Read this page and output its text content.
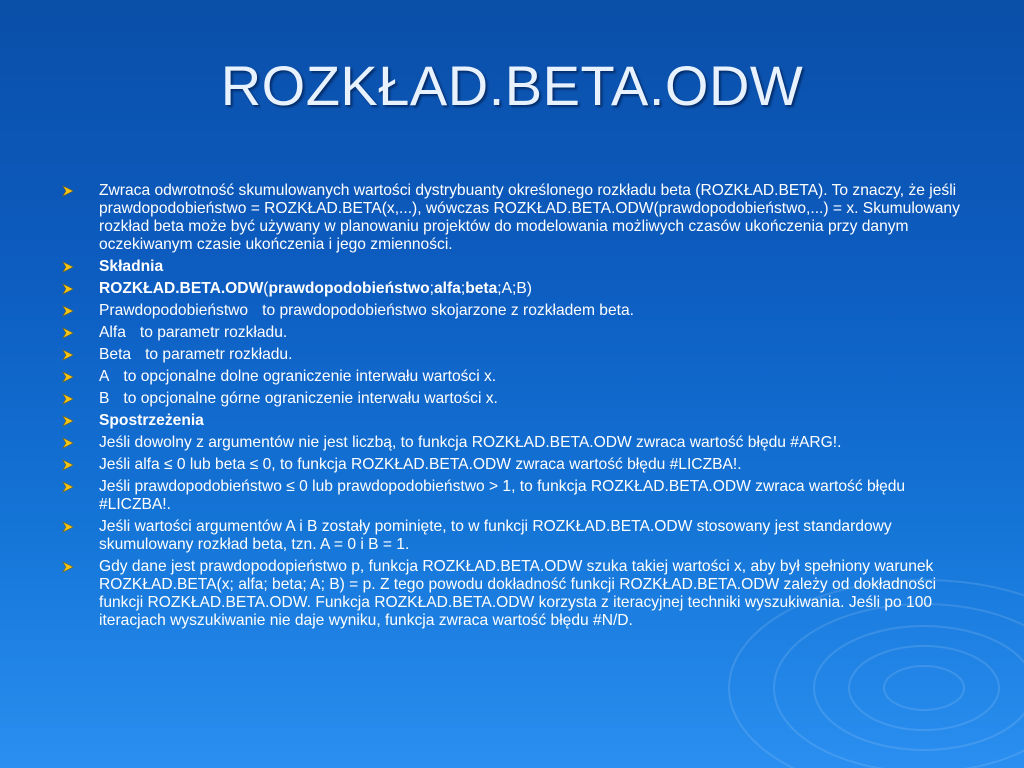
ROZKŁAD.BETA.ODW
Zwraca odwrotność skumulowanych wartości dystrybuanty określonego rozkładu beta (ROZKŁAD.BETA). To znaczy, że jeśli prawdopodobieństwo = ROZKŁAD.BETA(x,...), wówczas ROZKŁAD.BETA.ODW(prawdopodobieństwo,...) = x. Skumulowany rozkład beta może być używany w planowaniu projektów do modelowania możliwych czasów ukończenia przy danym oczekiwanym czasie ukończenia i jego zmienności.
Składnia
ROZKŁAD.BETA.ODW(prawdopodobieństwo;alfa;beta;A;B)
Prawdopodobieństwo to prawdopodobieństwo skojarzone z rozkładem beta.
Alfa to parametr rozkładu.
Beta to parametr rozkładu.
A to opcjonalne dolne ograniczenie interwału wartości x.
B to opcjonalne górne ograniczenie interwału wartości x.
Spostrzeżenia
Jeśli dowolny z argumentów nie jest liczbą, to funkcja ROZKŁAD.BETA.ODW zwraca wartość błędu #ARG!.
Jeśli alfa ≤ 0 lub beta ≤ 0, to funkcja ROZKŁAD.BETA.ODW zwraca wartość błędu #LICZBA!.
Jeśli prawdopodobieństwo ≤ 0 lub prawdopodobieństwo > 1, to funkcja ROZKŁAD.BETA.ODW zwraca wartość błędu #LICZBA!.
Jeśli wartości argumentów A i B zostały pominięte, to w funkcji ROZKŁAD.BETA.ODW stosowany jest standardowy skumulowany rozkład beta, tzn. A = 0 i B = 1.
Gdy dane jest prawdopodopieństwo p, funkcja ROZKŁAD.BETA.ODW szuka takiej wartości x, aby był spełniony warunek ROZKŁAD.BETA(x; alfa; beta; A; B) = p. Z tego powodu dokładność funkcji ROZKŁAD.BETA.ODW zależy od dokładności funkcji ROZKŁAD.BETA.ODW. Funkcja ROZKŁAD.BETA.ODW korzysta z iteracyjnej techniki wyszukiwania. Jeśli po 100 iteracjach wyszukiwanie nie daje wyniku, funkcja zwraca wartość błędu #N/D.
